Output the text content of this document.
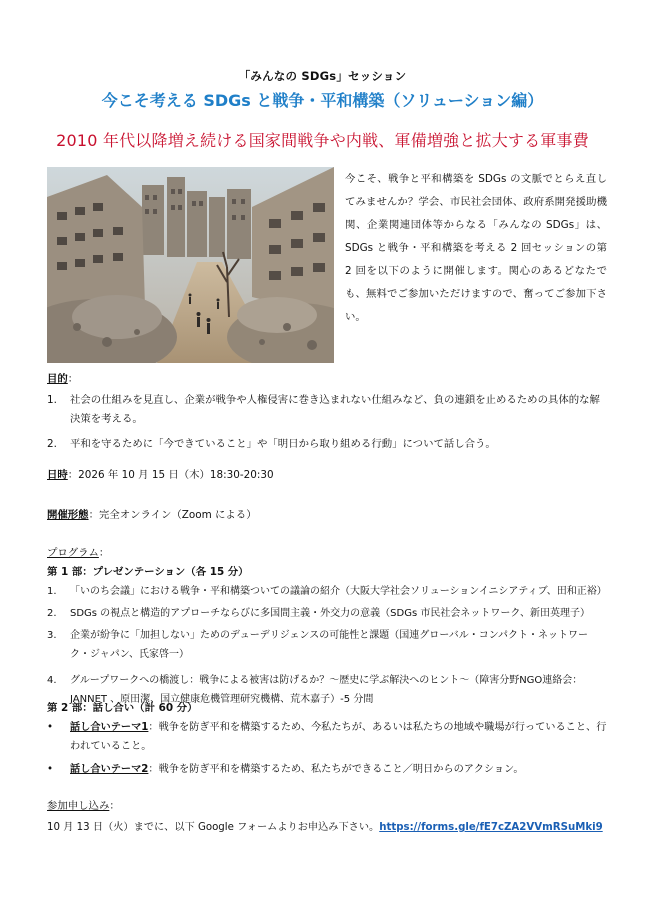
「みんなの SDGs」セッション
今こそ考える SDGs と戦争・平和構築（ソリューション編）
2010 年代以降増え続ける国家間戦争や内戦、軍備増強と拡大する軍事費
今こそ、戦争と平和構築を SDGs の文脈でとらえ直してみませんか？学会、市民社会団体、政府系開発援助機関、企業関連団体等からなる「みんなの SDGs」は、SDGs と戦争・平和構築を考える 2 回セッションの第 2 回を以下のように開催します。関心のあるどなたでも、無料でご参加いただけますので、奮ってご参加下さい。
目的：
1. 社会の仕組みを見直し、企業が戦争や人権侵害に巻き込まれない仕組みなど、負の連鎖を止めるための具体的な解決策を考える。
2. 平和を守るために「今できていること」や「明日から取り組める行動」について話し合う。
日時：2026 年 10 月 15 日（木）18:30-20:30
開催形態：完全オンライン（Zoom による）
プログラム：
第 1 部：プレゼンテーション（各 15 分）
1. 「いのち会議」における戦争・平和構築ついての議論の紹介（大阪大学社会ソリューションイニシアティブ、田和正裕）
2. SDGs の視点と構造的アプローチならびに多国間主義・外交力の意義（SDGs 市民社会ネットワーク、新田英理子）
3. 企業が紛争に「加担しない」ためのデューデリジェンスの可能性と課題（国連グローバル・コンパクト・ネットワーク・ジャパン、氏家啓一）
4. グループワークへの橋渡し：戦争による被害は防げるか？～歴史に学ぶ解決へのヒント～（障害分野NGO連絡会：JANNET 、原田潔、国立健康危機管理研究機構、荒木嘉子）-5 分間
第 2 部：話し合い（計 60 分）
• 話し合いテーマ1：戦争を防ぎ平和を構築するため、今私たちが、あるいは私たちの地域や職場が行っていること、行われていること。
• 話し合いテーマ2：戦争を防ぎ平和を構築するため、私たちができること／明日からのアクション。
参加申し込み：
10 月 13 日（火）までに、以下 Google フォームよりお申込み下さい。https://forms.gle/fE7cZA2VVmRSuMki9
